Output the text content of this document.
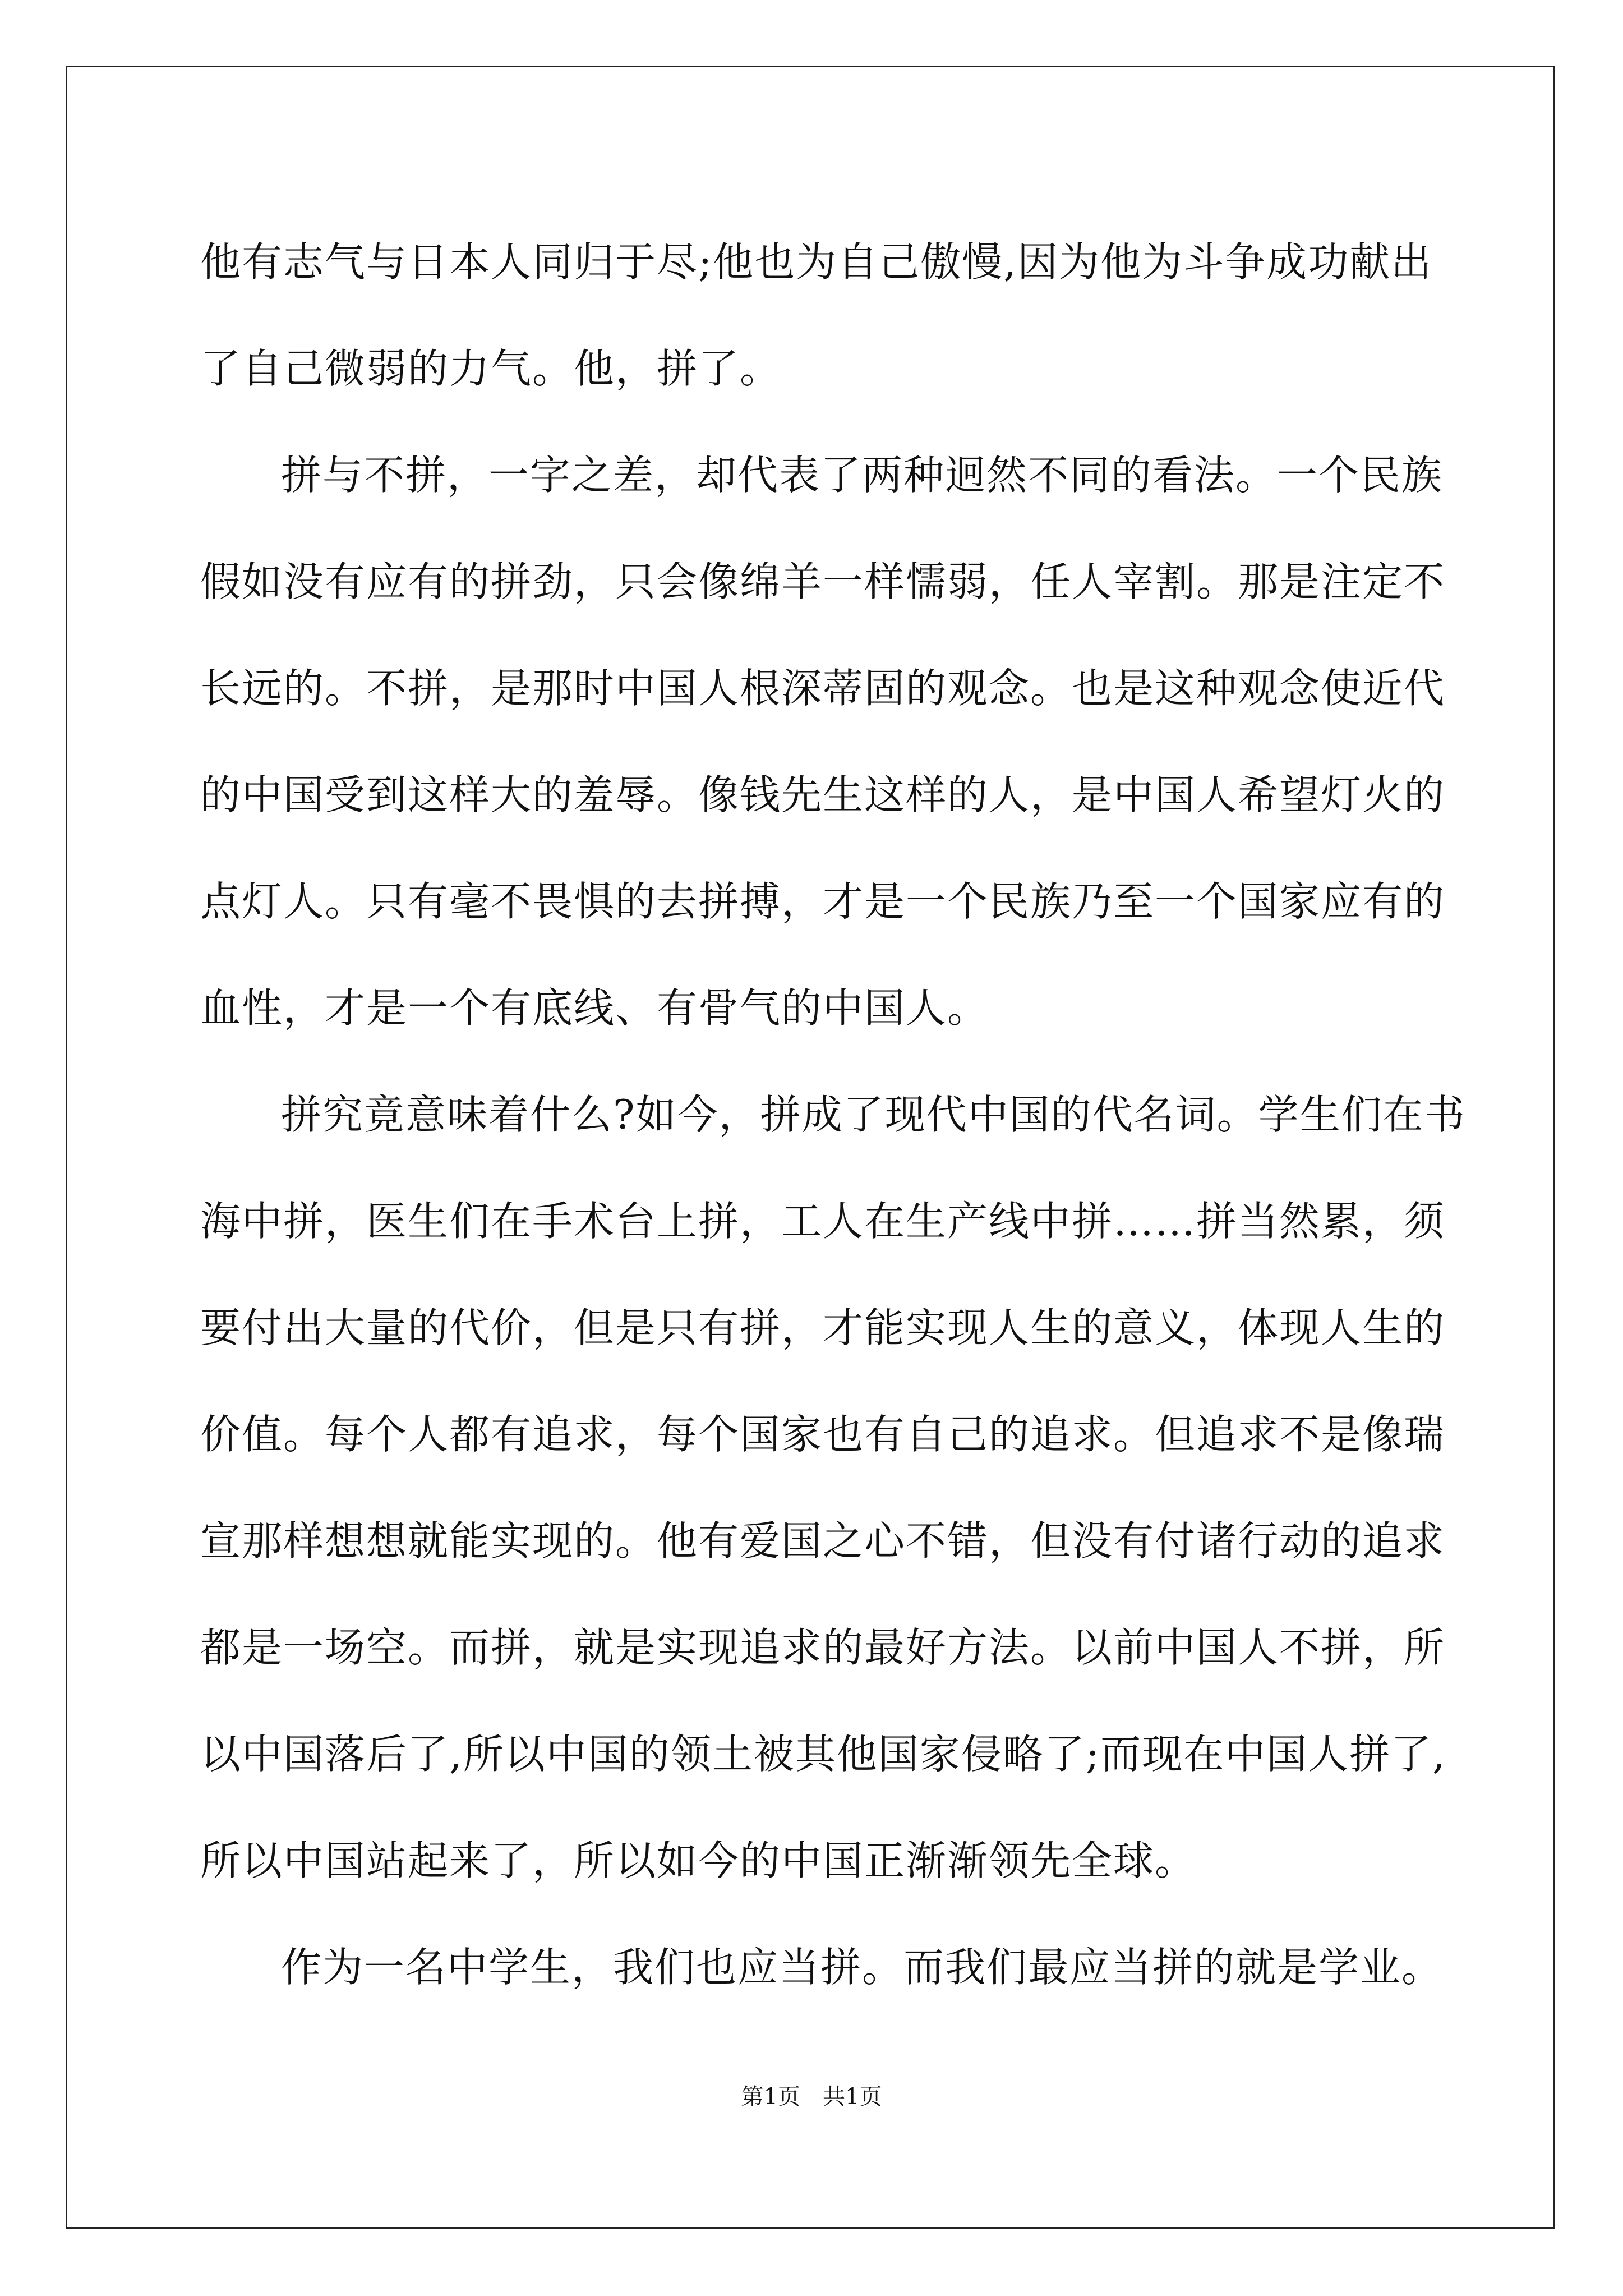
他有志气与日本人同归于尽;他也为自己傲慢,因为他为斗争成功献出
了自己微弱的力气。他，拼了。
拼与不拼，一字之差，却代表了两种迥然不同的看法。一个民族
假如没有应有的拼劲，只会像绵羊一样懦弱，任人宰割。那是注定不
长远的。不拼，是那时中国人根深蒂固的观念。也是这种观念使近代
的中国受到这样大的羞辱。像钱先生这样的人，是中国人希望灯火的
点灯人。只有毫不畏惧的去拼搏，才是一个民族乃至一个国家应有的
血性，才是一个有底线、有骨气的中国人。
拼究竟意味着什么?如今，拼成了现代中国的代名词。学生们在书
海中拼，医生们在手术台上拼，工人在生产线中拼……拼当然累，须
要付出大量的代价，但是只有拼，才能实现人生的意义，体现人生的
价值。每个人都有追求，每个国家也有自己的追求。但追求不是像瑞
宣那样想想就能实现的。他有爱国之心不错，但没有付诸行动的追求
都是一场空。而拼，就是实现追求的最好方法。以前中国人不拼，所
以中国落后了,所以中国的领土被其他国家侵略了;而现在中国人拼了,
所以中国站起来了，所以如今的中国正渐渐领先全球。
作为一名中学生，我们也应当拼。而我们最应当拼的就是学业。
第1页　共1页
